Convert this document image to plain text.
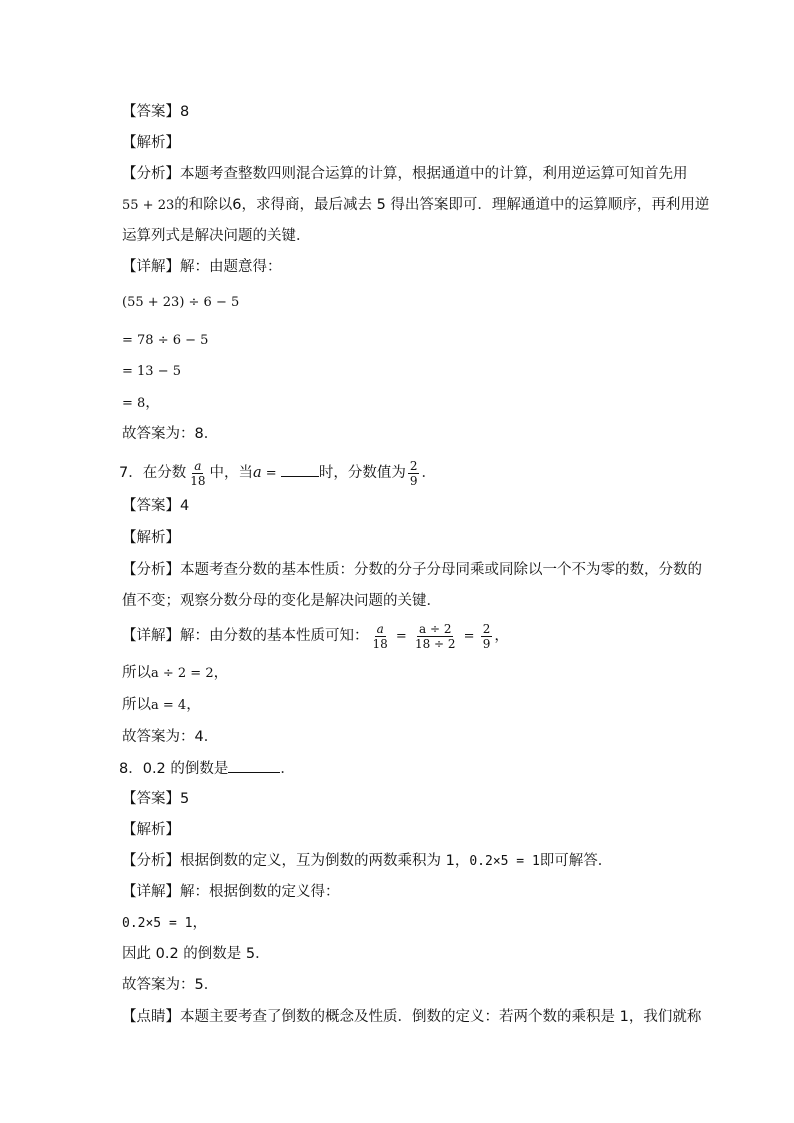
【答案】8
【解析】
【分析】本题考查整数四则混合运算的计算，根据通道中的计算，利用逆运算可知首先用
55 + 23的和除以6，求得商，最后减去 5 得出答案即可．理解通道中的运算顺序，再利用逆
运算列式是解决问题的关键．
【详解】解：由题意得：
(55 + 23) ÷ 6 − 5
= 78 ÷ 6 − 5
= 13 − 5
= 8，
故答案为：8．
7．在分数 $\frac{a}{18}$ 中，当a =	时，分数值为 $\frac{2}{9}$ ．
【答案】4
【解析】
【分析】本题考查分数的基本性质：分数的分子分母同乘或同除以一个不为零的数，分数的
值不变；观察分数分母的变化是解决问题的关键．
【详解】解：由分数的基本性质可知： $\frac{a}{18} = \frac{a \div 2}{18 \div 2} = \frac{2}{9}$ ，
所以a ÷ 2 = 2，
所以a = 4，
故答案为：4．
8．0.2 的倒数是	．
【答案】5
【解析】
【分析】根据倒数的定义，互为倒数的两数乘积为 1，0.2×5 = 1即可解答．
【详解】解：根据倒数的定义得：
0.2×5 = 1，
因此 0.2 的倒数是 5．
故答案为：5．
【点睛】本题主要考查了倒数的概念及性质．倒数的定义：若两个数的乘积是 1，我们就称
